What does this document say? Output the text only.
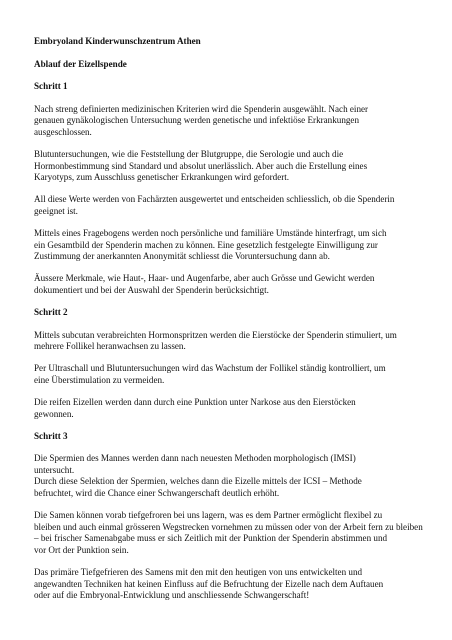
Embryoland Kinderwunschzentrum Athen

Ablauf der Eizellspende

Schritt 1

Nach streng definierten medizinischen Kriterien wird die Spenderin ausgewählt. Nach einer
genauen gynäkologischen Untersuchung werden genetische und infektiöse Erkrankungen
ausgeschlossen.

Blutuntersuchungen, wie die Feststellung der Blutgruppe, die Serologie und auch die
Hormonbestimmung sind Standard und absolut unerlässlich. Aber auch die Erstellung eines
Karyotyps, zum Ausschluss genetischer Erkrankungen wird gefordert.

All diese Werte werden von Fachärzten ausgewertet und entscheiden schliesslich, ob die Spenderin
geeignet ist.

Mittels eines Fragebogens werden noch persönliche und familiäre Umstände hinterfragt, um sich
ein Gesamtbild der Spenderin machen zu können. Eine gesetzlich festgelegte Einwilligung zur
Zustimmung der anerkannten Anonymität schliesst die Voruntersuchung dann ab.

Äussere Merkmale, wie Haut-, Haar- und Augenfarbe, aber auch Grösse und Gewicht werden
dokumentiert und bei der Auswahl der Spenderin berücksichtigt.

Schritt 2

Mittels subcutan verabreichten Hormonspritzen werden die Eierstöcke der Spenderin stimuliert, um
mehrere Follikel heranwachsen zu lassen.

Per Ultraschall und Blutuntersuchungen wird das Wachstum der Follikel ständig kontrolliert, um
eine Überstimulation zu vermeiden.

Die reifen Eizellen werden dann durch eine Punktion unter Narkose aus den Eierstöcken
gewonnen.

Schritt 3

Die Spermien des Mannes werden dann nach neuesten Methoden morphologisch (IMSI)
untersucht.
Durch diese Selektion der Spermien, welches dann die Eizelle mittels der ICSI – Methode
befruchtet, wird die Chance einer Schwangerschaft deutlich erhöht.

Die Samen können vorab tiefgefroren bei uns lagern, was es dem Partner ermöglicht flexibel zu
bleiben und auch einmal grösseren Wegstrecken vornehmen zu müssen oder von der Arbeit fern zu bleiben
– bei frischer Samenabgabe muss er sich Zeitlich mit der Punktion der Spenderin abstimmen und
vor Ort der Punktion sein.

Das primäre Tiefgefrieren des Samens mit den mit den heutigen von uns entwickelten und
angewandten Techniken hat keinen Einfluss auf die Befruchtung der Eizelle nach dem Auftauen
oder auf die Embryonal-Entwicklung und anschliessende Schwangerschaft!
